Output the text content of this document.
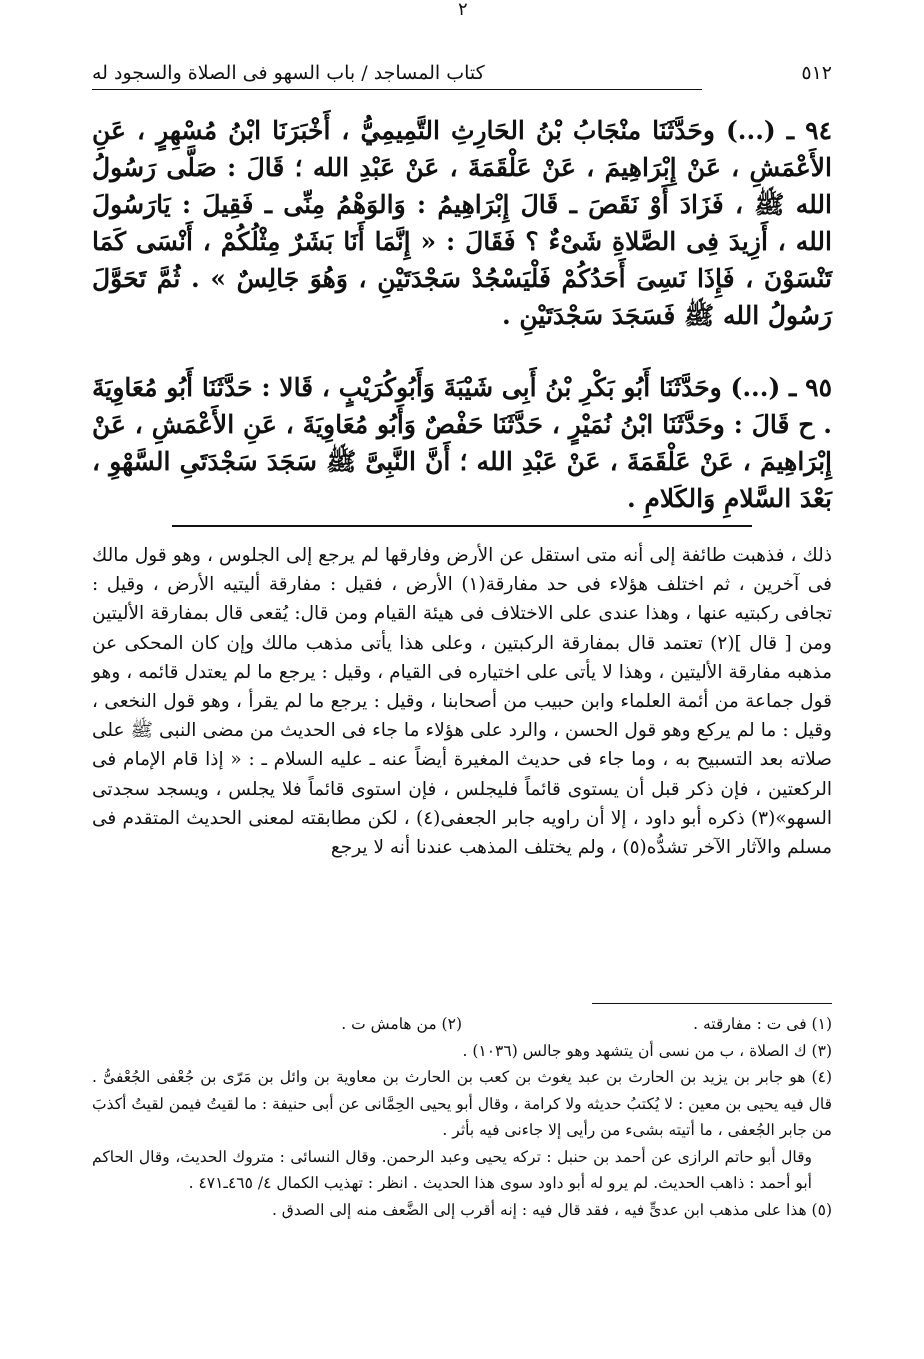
٢
٥١٢
كتاب المساجد / باب السهو فى الصلاة والسجود له

٩٤ ـ (...) وحَدَّثَنَا منْجَابُ بْنُ الحَارِثِ التَّمِيمِيُّ ، أَخْبَرَنَا ابْنُ مُسْهِرٍ ، عَنِ الأَعْمَشِ ، عَنْ إِبْرَاهِيمَ ، عَنْ عَلْقَمَةَ ، عَنْ عَبْدِ الله ؛ قَالَ : صَلَّى رَسُولُ الله ﷺ ، فَزَادَ أَوْ نَقَصَ ـ قَالَ إِبْرَاهِيمُ : وَالوَهْمُ مِنِّى ـ فَقِيلَ : يَارَسُولَ الله ، أَزِيدَ فِى الصَّلاةِ شَىْءٌ ؟ فَقَالَ : « إِنَّمَا أَنَا بَشَرٌ مِثْلُكُمْ ، أَنْسَى كَمَا تَنْسَوْنَ ، فَإِذَا نَسِىَ أَحَدُكُمْ فَلْيَسْجُدْ سَجْدَتَيْنِ ، وَهُوَ جَالِسٌ » . ثُمَّ تَحَوَّلَ رَسُولُ الله ﷺ فَسَجَدَ سَجْدَتَيْنِ .

٩٥ ـ (...) وحَدَّثَنَا أَبُو بَكْرِ بْنُ أَبِى شَيْبَةَ وَأَبُوكُرَيْبٍ ، قَالا : حَدَّثَنَا أَبُو مُعَاوِيَةَ . ح قَالَ : وحَدَّثَنَا ابْنُ نُمَيْرٍ ، حَدَّثَنَا حَفْصٌ وَأَبُو مُعَاوِيَةَ ، عَنِ الأَعْمَشِ ، عَنْ إِبْرَاهِيمَ ، عَنْ عَلْقَمَةَ ، عَنْ عَبْدِ الله ؛ أَنَّ النَّبِىَّ ﷺ سَجَدَ سَجْدَتَىِ السَّهْوِ ، بَعْدَ السَّلامِ وَالكَلامِ .

ذلك ، فذهبت طائفة إلى أنه متى استقل عن الأرض وفارقها لم يرجع إلى الجلوس ، وهو قول مالك فى آخرين ، ثم اختلف هؤلاء فى حد مفارقة(١) الأرض ، فقيل : مفارقة أليتيه الأرض ، وقيل : تجافى ركبتيه عنها ، وهذا عندى على الاختلاف فى هيئة القيام ومن قال: يُقعى قال بمفارقة الأليتين ومن [ قال ](٢) تعتمد قال بمفارقة الركبتين ، وعلى هذا يأتى مذهب مالك وإن كان المحكى عن مذهبه مفارقة الأليتين ، وهذا لا يأتى على اختياره فى القيام ، وقيل : يرجع ما لم يعتدل قائمه ، وهو قول جماعة من أئمة العلماء وابن حبيب من أصحابنا ، وقيل : يرجع ما لم يقرأ ، وهو قول النخعى ، وقيل : ما لم يركع وهو قول الحسن ، والرد على هؤلاء ما جاء فى الحديث من مضى النبى ﷺ على صلاته بعد التسبيح به ، وما جاء فى حديث المغيرة أيضاً عنه ـ عليه السلام ـ : « إذا قام الإمام فى الركعتين ، فإن ذكر قبل أن يستوى قائماً فليجلس ، فإن استوى قائماً فلا يجلس ، ويسجد سجدتى السهو»(٣) ذكره أبو داود ، إلا أن راويه جابر الجعفى(٤) ، لكن مطابقته لمعنى الحديث المتقدم فى مسلم والآثار الآخر تشدُّه(٥) ، ولم يختلف المذهب عندنا أنه لا يرجع

(١) فى ت : مفارقته .

(٢) من هامش ت .

(٣) ك الصلاة ، ب من نسى أن يتشهد وهو جالس (١٠٣٦) .

(٤) هو جابر بن يزيد بن الحارث بن عبد يغوث بن كعب بن الحارث بن معاوية بن وائل بن مَرّى بن جُعْفى الجُعْفىُّ . قال فيه يحيى بن معين : لا يُكتبُ حديثه ولا كرامة ، وقال أبو يحيى الحِمَّانى عن أبى حنيفة : ما لقيتُ فيمن لقيتُ أكذبَ من جابر الجُعفى ، ما أتيته بشىء من رأيى إلا جاءنى فيه بأثر .

وقال أبو حاتم الرازى عن أحمد بن حنبل : تركه يحيى وعبد الرحمن. وقال النسائى : متروك الحديث، وقال الحاكم أبو أحمد : ذاهب الحديث. لم يرو له أبو داود سوى هذا الحديث . انظر : تهذيب الكمال ٤/ ٤٦٥ـ٤٧١ .

(٥) هذا على مذهب ابن عدىٍّ فيه ، فقد قال فيه : إنه أقرب إلى الضَّعف منه إلى الصدق .
